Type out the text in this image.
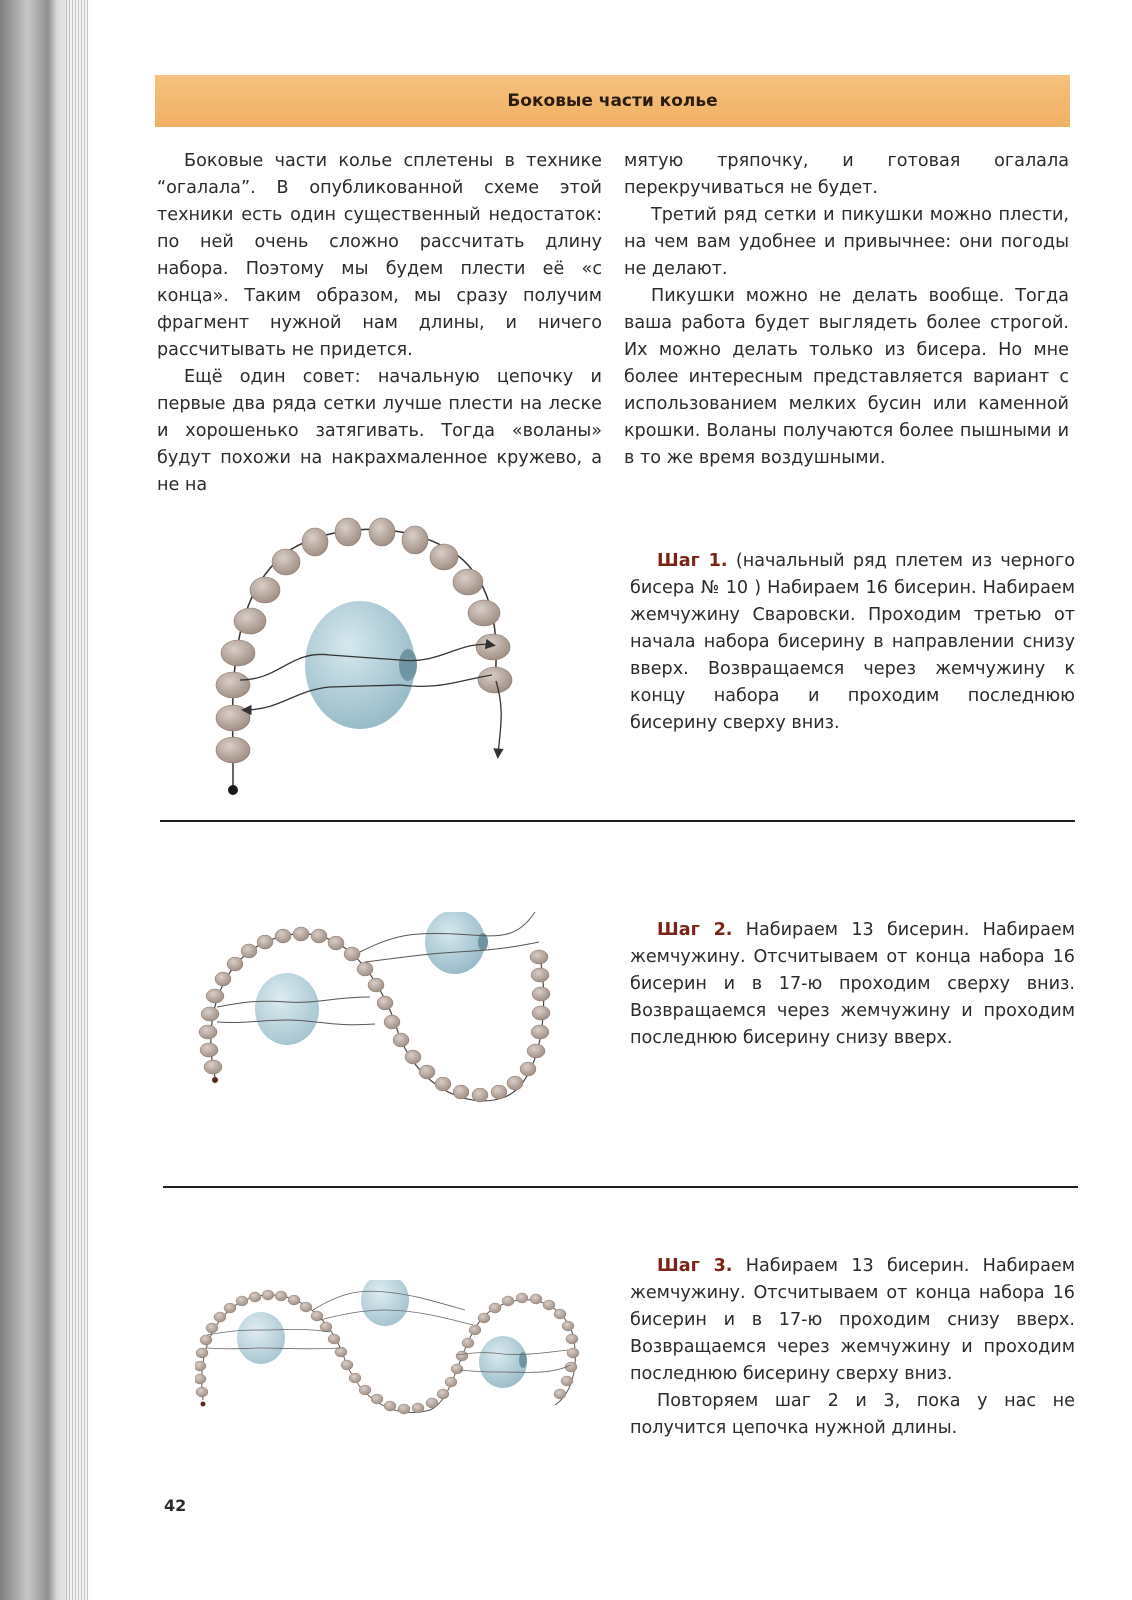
Боковые части колье

Боковые части колье сплетены в технике “огалала”. В опубликованной схеме этой техники есть один существенный недостаток: по ней очень сложно рассчитать длину набора. Поэтому мы будем плести её «с конца». Таким образом, мы сразу получим фрагмент нужной нам длины, и ничего рассчитывать не придется.

Ещё один совет: начальную цепочку и первые два ряда сетки лучше плести на леске и хорошенько затягивать. Тогда «воланы» будут похожи на накрахмаленное кружево, а не на

мятую тряпочку, и готовая огалала перекручиваться не будет.

Третий ряд сетки и пикушки можно плести, на чем вам удобнее и привычнее: они погоды не делают.

Пикушки можно не делать вообще. Тогда ваша работа будет выглядеть более строгой. Их можно делать только из бисера. Но мне более интересным представляется вариант с использованием мелких бусин или каменной крошки. Воланы получаются более пышными и в то же время воздушными.

Шаг 1. (начальный ряд плетем из черного бисера № 10 ) Набираем 16 бисерин. Набираем жемчужину Сваровски. Проходим третью от начала набора бисерину в направлении снизу вверх. Возвращаемся через жемчужину к концу набора и проходим последнюю бисерину сверху вниз.

Шаг 2. Набираем 13 бисерин. Набираем жемчужину. Отсчитываем от конца набора 16 бисерин и в 17-ю проходим сверху вниз. Возвращаемся через жемчужину и проходим последнюю бисерину снизу вверх.

Шаг 3. Набираем 13 бисерин. Набираем жемчужину. Отсчитываем от конца набора 16 бисерин и в 17-ю проходим снизу вверх. Возвращаемся через жемчужину и проходим последнюю бисерину сверху вниз.

Повторяем шаг 2 и 3, пока у нас не получится цепочка нужной длины.

42
